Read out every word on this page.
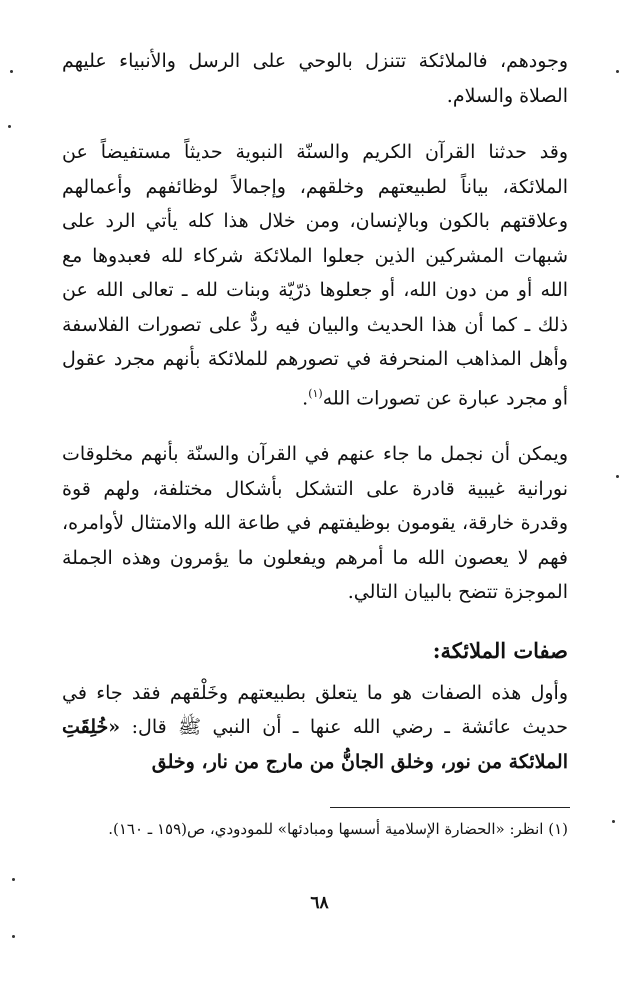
وجودهم، فالملائكة تتنزل بالوحي على الرسل والأنبياء عليهم الصلاة والسلام.

وقد حدثنا القرآن الكريم والسنّة النبوية حديثاً مستفيضاً عن الملائكة، بياناً لطبيعتهم وخلقهم، وإجمالاً لوظائفهم وأعمالهم وعلاقتهم بالكون وبالإنسان، ومن خلال هذا كله يأتي الرد على شبهات المشركين الذين جعلوا الملائكة شركاء لله فعبدوها مع الله أو من دون الله، أو جعلوها ذرّيّة وبنات لله ـ تعالى الله عن ذلك ـ كما أن هذا الحديث والبيان فيه ردٌّ على تصورات الفلاسفة وأهل المذاهب المنحرفة في تصورهم للملائكة بأنهم مجرد عقول أو مجرد عبارة عن تصورات الله$^{(١)}$.

ويمكن أن نجمل ما جاء عنهم في القرآن والسنّة بأنهم مخلوقات نورانية غيبية قادرة على التشكل بأشكال مختلفة، ولهم قوة وقدرة خارقة، يقومون بوظيفتهم في طاعة الله والامتثال لأوامره، فهم لا يعصون الله ما أمرهم ويفعلون ما يؤمرون وهذه الجملة الموجزة تتضح بالبيان التالي.

صفات الملائكة:

وأول هذه الصفات هو ما يتعلق بطبيعتهم وخَلْقهم فقد جاء في حديث عائشة ـ رضي الله عنها ـ أن النبي ﷺ قال: «خُلِقَتِ الملائكة من نور، وخلق الجانُّ من مارج من نار، وخلق

(١) انظر: «الحضارة الإسلامية أسسها ومبادئها» للمودودي، ص(١٥٩ ـ ١٦٠).
٦٨
